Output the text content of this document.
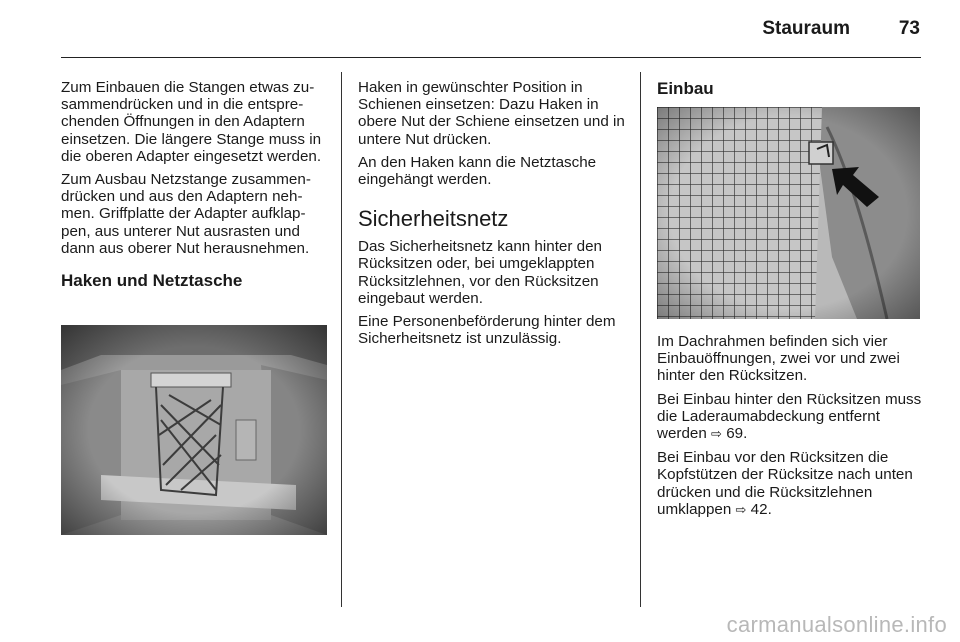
Stauraum	73

Zum Einbauen die Stangen etwas zusammendrücken und in die entsprechenden Öffnungen in den Adaptern einsetzen. Die längere Stange muss in die oberen Adapter eingesetzt werden.

Zum Ausbau Netzstange zusammendrücken und aus den Adaptern nehmen. Griffplatte der Adapter aufklappen, aus unterer Nut ausrasten und dann aus oberer Nut herausnehmen.

Haken und Netztasche

Haken in gewünschter Position in Schienen einsetzen: Dazu Haken in obere Nut der Schiene einsetzen und in untere Nut drücken.

An den Haken kann die Netztasche eingehängt werden.

Sicherheitsnetz

Das Sicherheitsnetz kann hinter den Rücksitzen oder, bei umgeklappten Rücksitzlehnen, vor den Rücksitzen eingebaut werden.

Eine Personenbeförderung hinter dem Sicherheitsnetz ist unzulässig.

Einbau

Im Dachrahmen befinden sich vier Einbauöffnungen, zwei vor und zwei hinter den Rücksitzen.

Bei Einbau hinter den Rücksitzen muss die Laderaumabdeckung entfernt werden ⇨ 69.

Bei Einbau vor den Rücksitzen die Kopfstützen der Rücksitze nach unten drücken und die Rücksitzlehnen umklappen ⇨ 42.

carmanualsonline.info
